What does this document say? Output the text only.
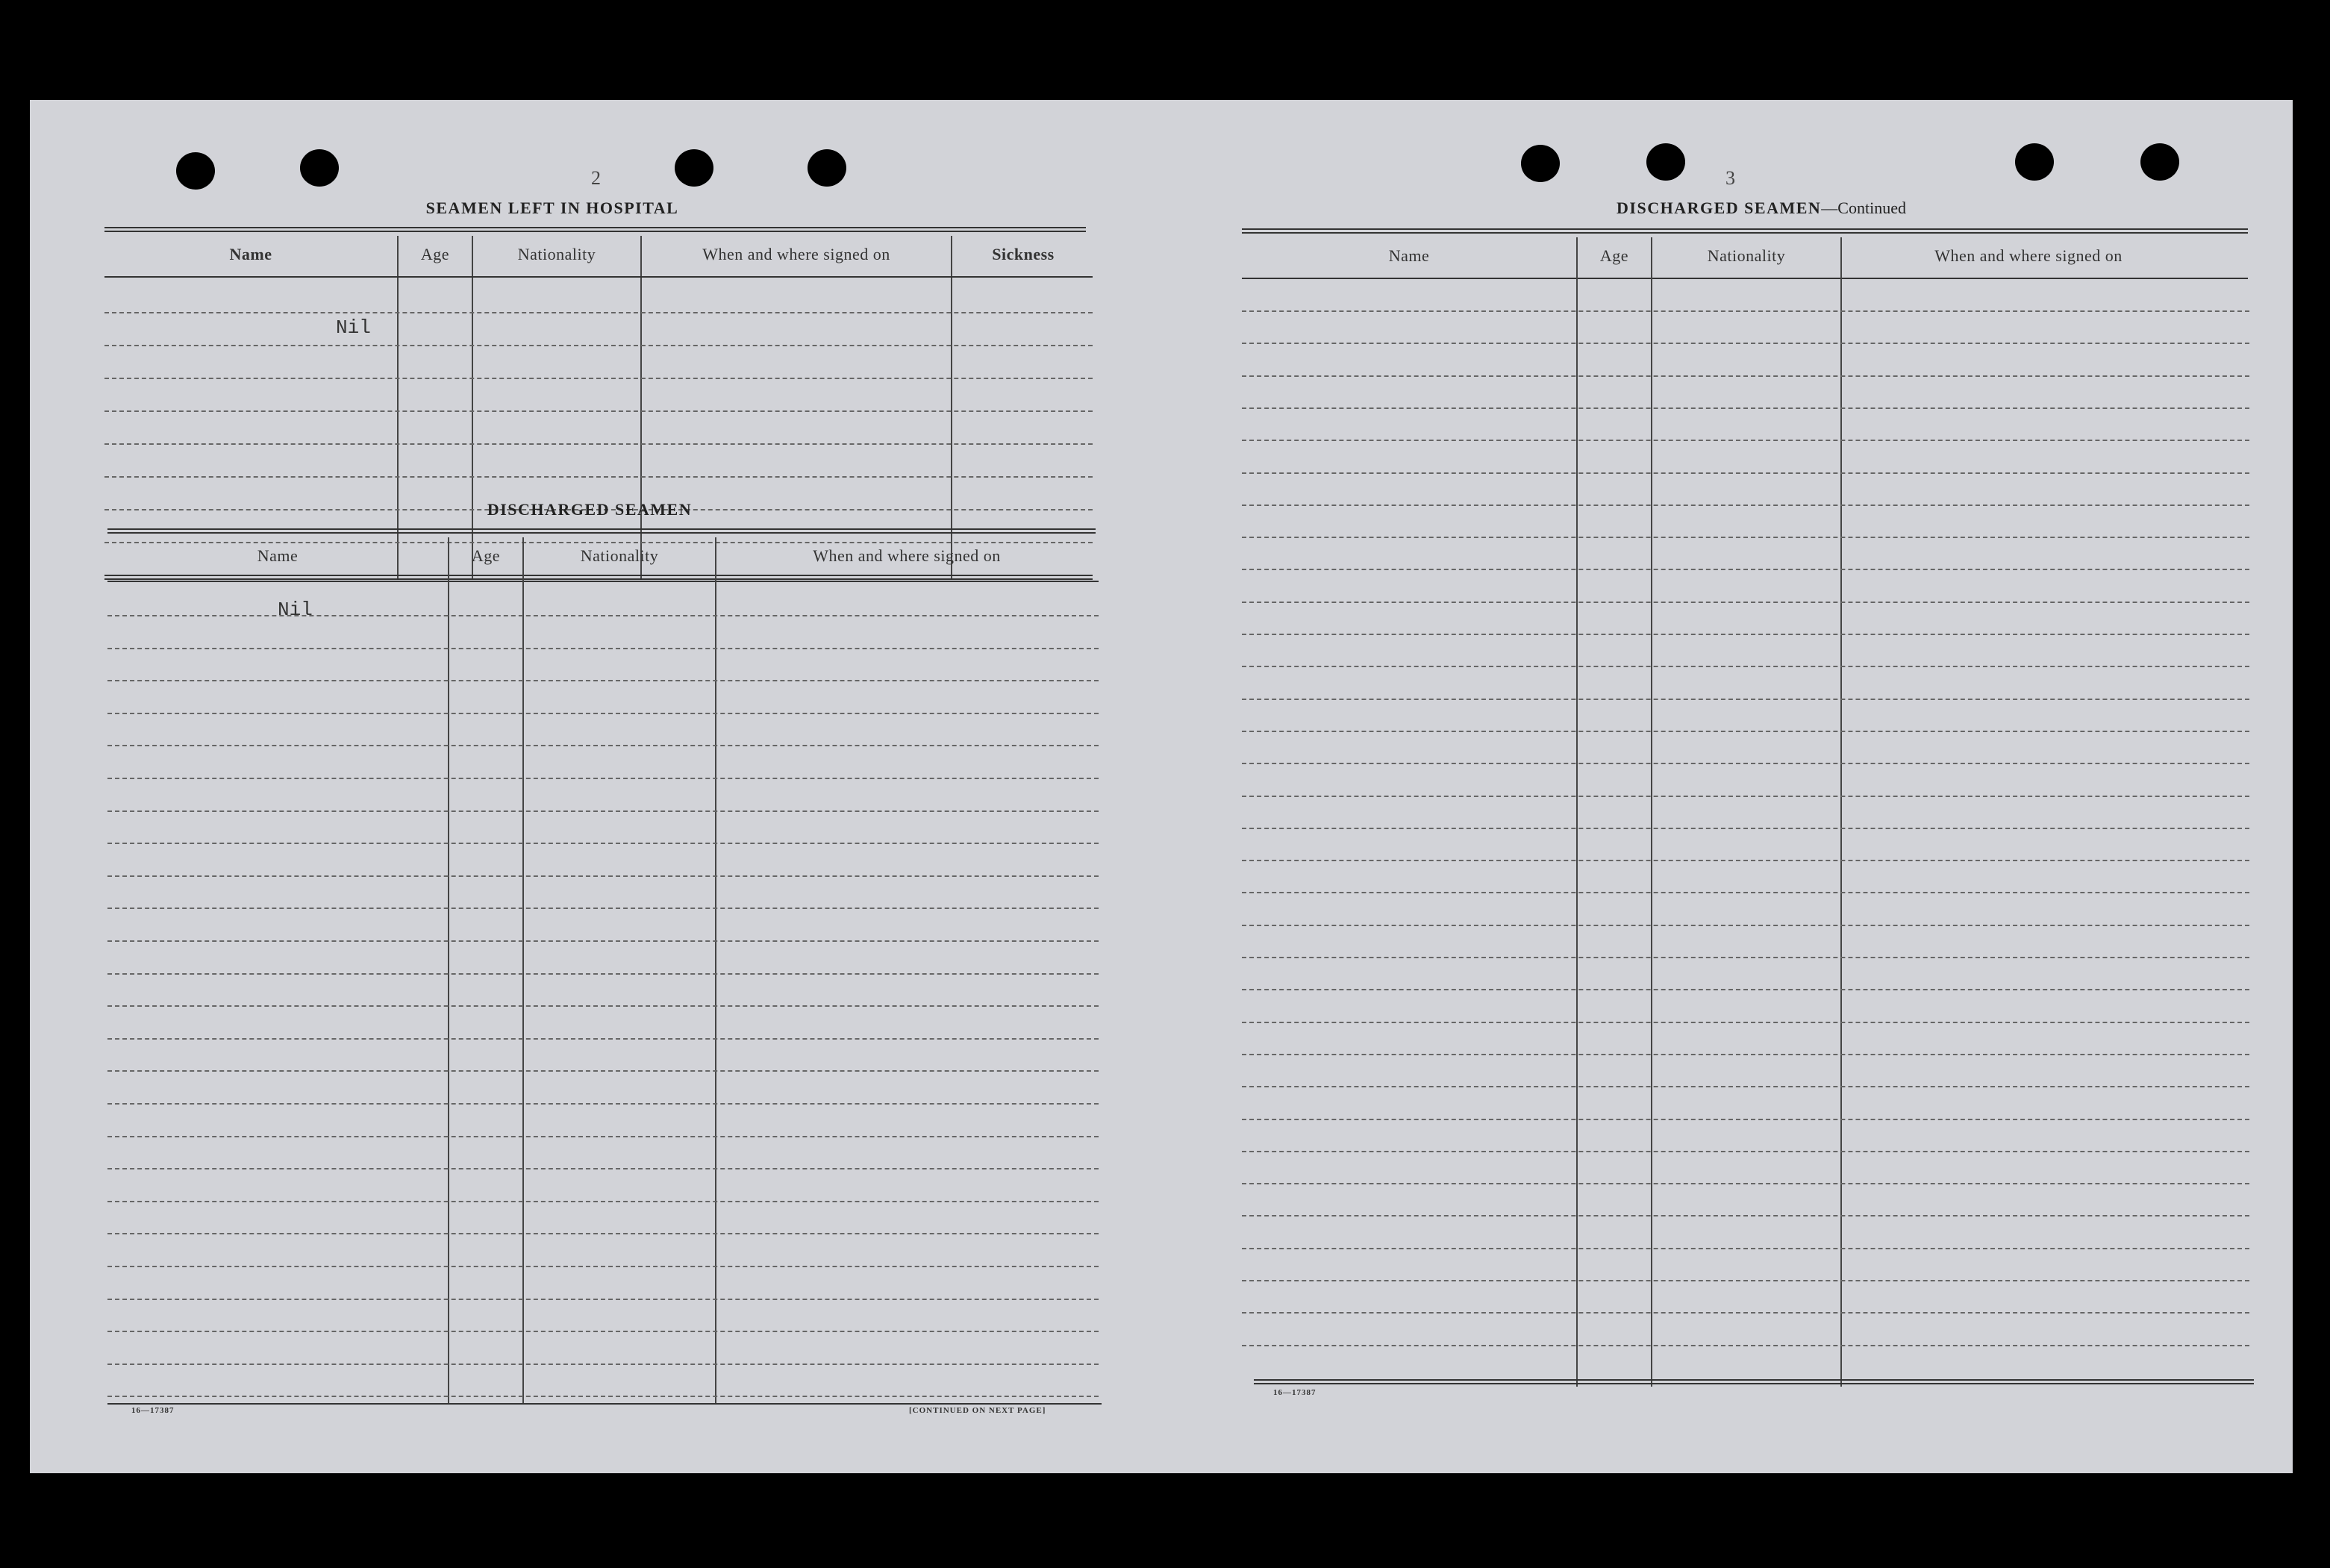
2
SEAMEN LEFT IN HOSPITAL
Name	Age	Nationality	When and where signed on	Sickness
Nil
DISCHARGED SEAMEN
Name	Age	Nationality	When and where signed on
Nil
16—17387	[CONTINUED ON NEXT PAGE]
3
DISCHARGED SEAMEN—Continued
Name	Age	Nationality	When and where signed on
16—17387
